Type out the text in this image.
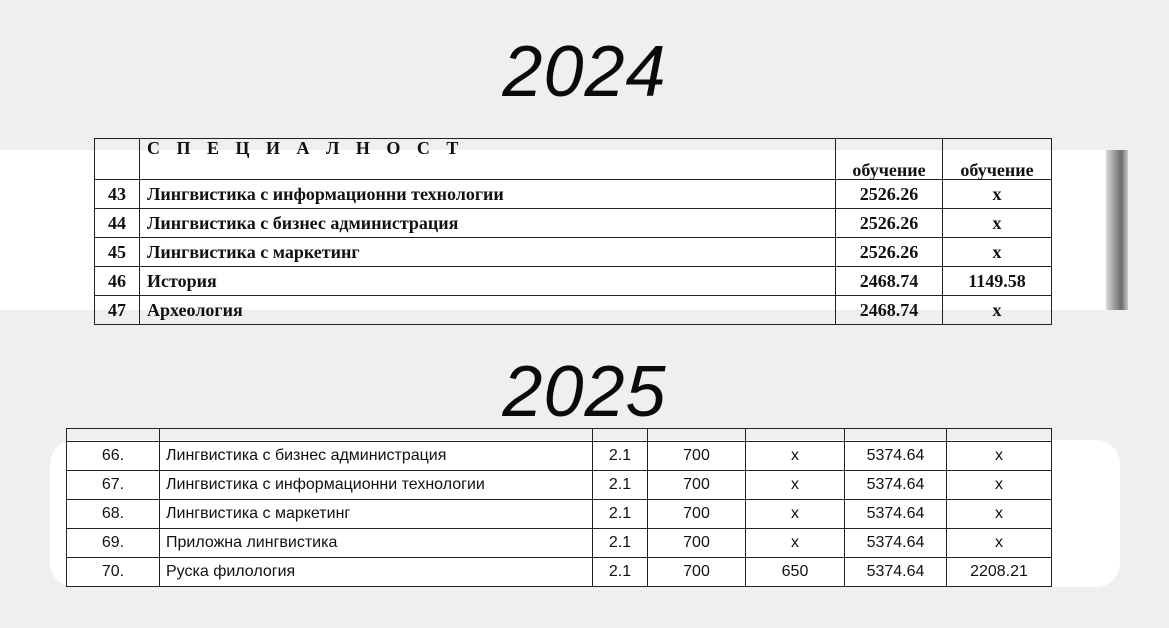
2024
	С П Е Ц И А Л Н О С Т	обучение	обучение
43	Лингвистика с информационни технологии	2526.26	x
44	Лингвистика с бизнес администрация	2526.26	x
45	Лингвистика с маркетинг	2526.26	x
46	История	2468.74	1149.58
47	Археология	2468.74	x
2025

66.	Лингвистика с бизнес администрация	2.1	700	x	5374.64	x
67.	Лингвистика с информационни технологии	2.1	700	x	5374.64	x
68.	Лингвистика с маркетинг	2.1	700	x	5374.64	x
69.	Приложна лингвистика	2.1	700	x	5374.64	x
70.	Руска филология	2.1	700	650	5374.64	2208.21
